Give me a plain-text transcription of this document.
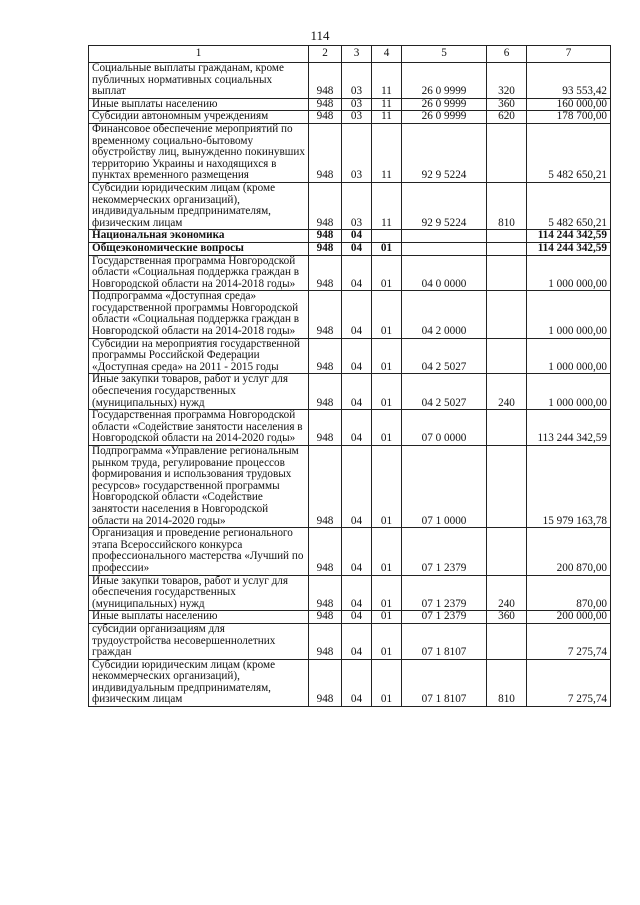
114
1	2	3	4	5	6	7
Социальные выплаты гражданам, кроме публичных нормативных социальных выплат	948	03	11	26 0 9999	320	93 553,42
Иные выплаты населению	948	03	11	26 0 9999	360	160 000,00
Субсидии автономным учреждениям	948	03	11	26 0 9999	620	178 700,00
Финансовое обеспечение мероприятий по временному социально-бытовому обустройству лиц, вынужденно покинувших территорию Украины и находящихся в пунктах временного размещения	948	03	11	92 9 5224		5 482 650,21
Субсидии юридическим лицам (кроме некоммерческих организаций), индивидуальным предпринимателям, физическим лицам	948	03	11	92 9 5224	810	5 482 650,21
Национальная экономика	948	04				114 244 342,59
Общеэкономические вопросы	948	04	01			114 244 342,59
Государственная программа Новгородской области «Социальная поддержка граждан в Новгородской области на 2014-2018 годы»	948	04	01	04 0 0000		1 000 000,00
Подпрограмма «Доступная среда» государственной программы Новгородской области «Социальная поддержка граждан в Новгородской области на 2014-2018 годы»	948	04	01	04 2 0000		1 000 000,00
Субсидии на мероприятия государственной программы Российской Федерации «Доступная среда» на 2011 - 2015 годы	948	04	01	04 2 5027		1 000 000,00
Иные закупки товаров, работ и услуг для обеспечения государственных (муниципальных) нужд	948	04	01	04 2 5027	240	1 000 000,00
Государственная программа Новгородской области «Содействие занятости населения в Новгородской области на 2014-2020 годы»	948	04	01	07 0 0000		113 244 342,59
Подпрограмма «Управление региональным рынком труда, регулирование процессов формирования и использования трудовых ресурсов» государственной программы Новгородской области «Содействие занятости населения в Новгородской области на 2014-2020 годы»	948	04	01	07 1 0000		15 979 163,78
Организация и проведение регионального этапа Всероссийского конкурса профессионального мастерства «Лучший по профессии»	948	04	01	07 1 2379		200 870,00
Иные закупки товаров, работ и услуг для обеспечения государственных (муниципальных) нужд	948	04	01	07 1 2379	240	870,00
Иные выплаты населению	948	04	01	07 1 2379	360	200 000,00
субсидии организациям для трудоустройства несовершеннолетних граждан	948	04	01	07 1 8107		7 275,74
Субсидии юридическим лицам (кроме некоммерческих организаций), индивидуальным предпринимателям, физическим лицам	948	04	01	07 1 8107	810	7 275,74
